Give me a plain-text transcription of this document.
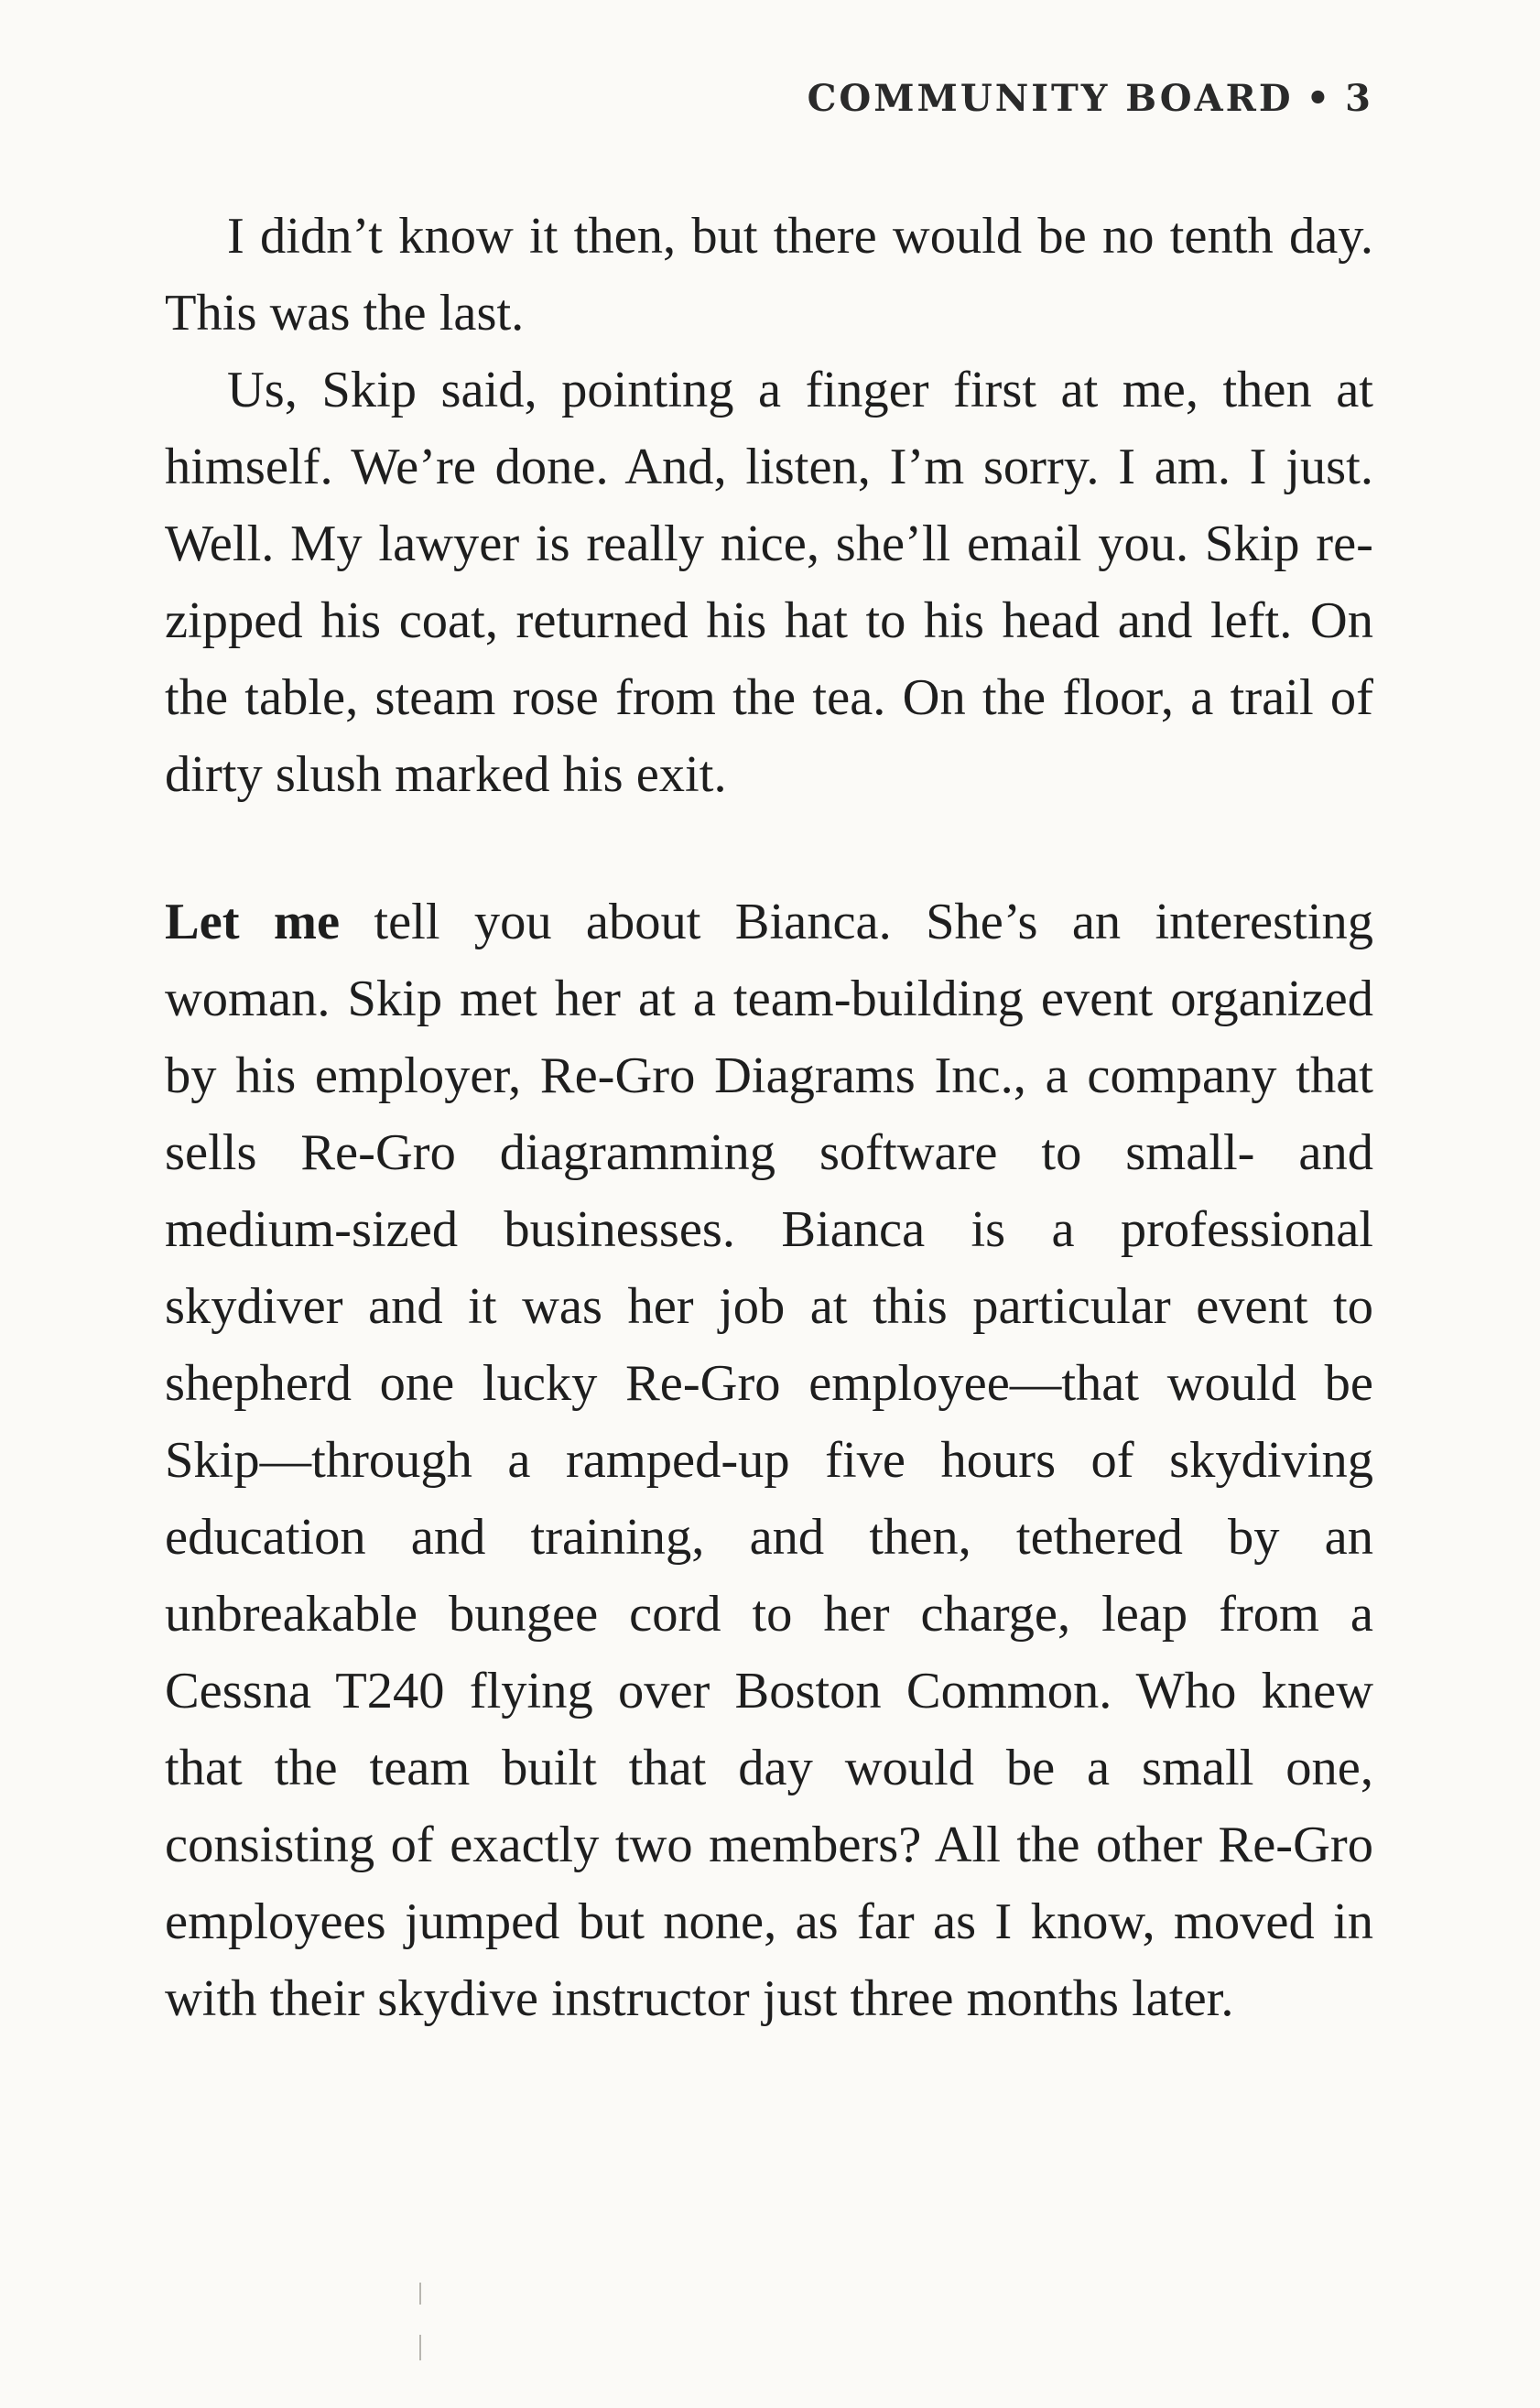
COMMUNITY BOARD • 3

I didn’t know it then, but there would be no tenth day. This was the last.

Us, Skip said, pointing a finger first at me, then at himself. We’re done. And, listen, I’m sorry. I am. I just. Well. My lawyer is really nice, she’ll email you. Skip re-zipped his coat, returned his hat to his head and left. On the table, steam rose from the tea. On the floor, a trail of dirty slush marked his exit.

Let me tell you about Bianca. She’s an interesting woman. Skip met her at a team-building event organized by his employer, Re-Gro Diagrams Inc., a company that sells Re-Gro diagramming software to small- and medium-sized businesses. Bianca is a professional skydiver and it was her job at this particular event to shepherd one lucky Re-Gro employee—that would be Skip—through a ramped-up five hours of skydiving education and training, and then, tethered by an unbreakable bungee cord to her charge, leap from a Cessna T240 flying over Boston Common. Who knew that the team built that day would be a small one, consisting of exactly two members? All the other Re-Gro employees jumped but none, as far as I know, moved in with their skydive instructor just three months later.
